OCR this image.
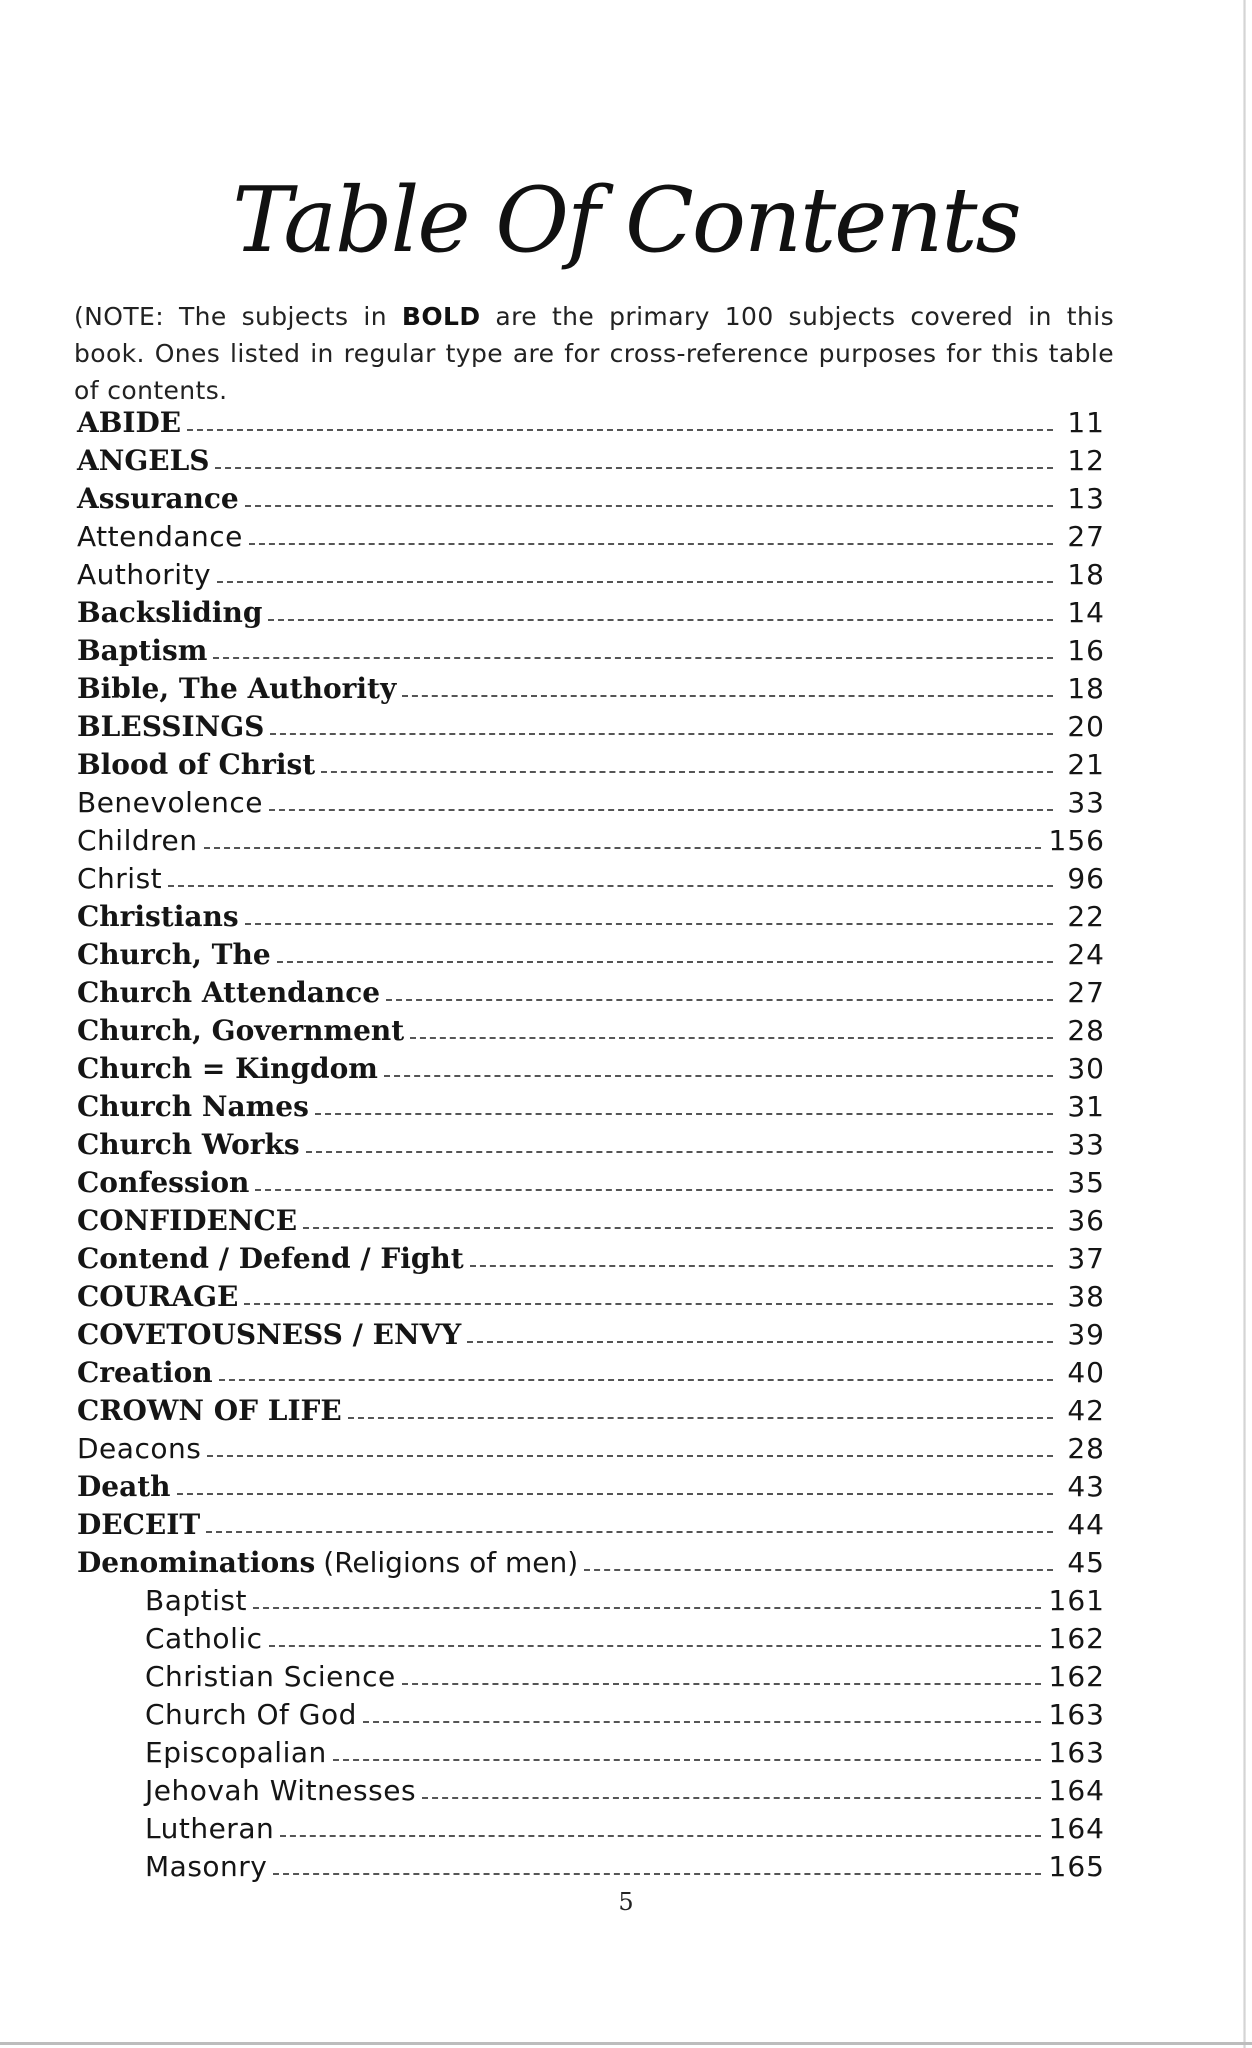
Table Of Contents

(NOTE: The subjects in BOLD are the primary 100 subjects covered in this book. Ones listed in regular type are for cross-reference purposes for this table of contents.

ABIDE	11
ANGELS	12
Assurance	13
Attendance	27
Authority	18
Backsliding	14
Baptism	16
Bible, The Authority	18
BLESSINGS	20
Blood of Christ	21
Benevolence	33
Children	156
Christ	96
Christians	22
Church, The	24
Church Attendance	27
Church, Government	28
Church = Kingdom	30
Church Names	31
Church Works	33
Confession	35
CONFIDENCE	36
Contend / Defend / Fight	37
COURAGE	38
COVETOUSNESS / ENVY	39
Creation	40
CROWN OF LIFE	42
Deacons	28
Death	43
DECEIT	44
Denominations (Religions of men)	45
Baptist	161
Catholic	162
Christian Science	162
Church Of God	163
Episcopalian	163
Jehovah Witnesses	164
Lutheran	164
Masonry	165
5
